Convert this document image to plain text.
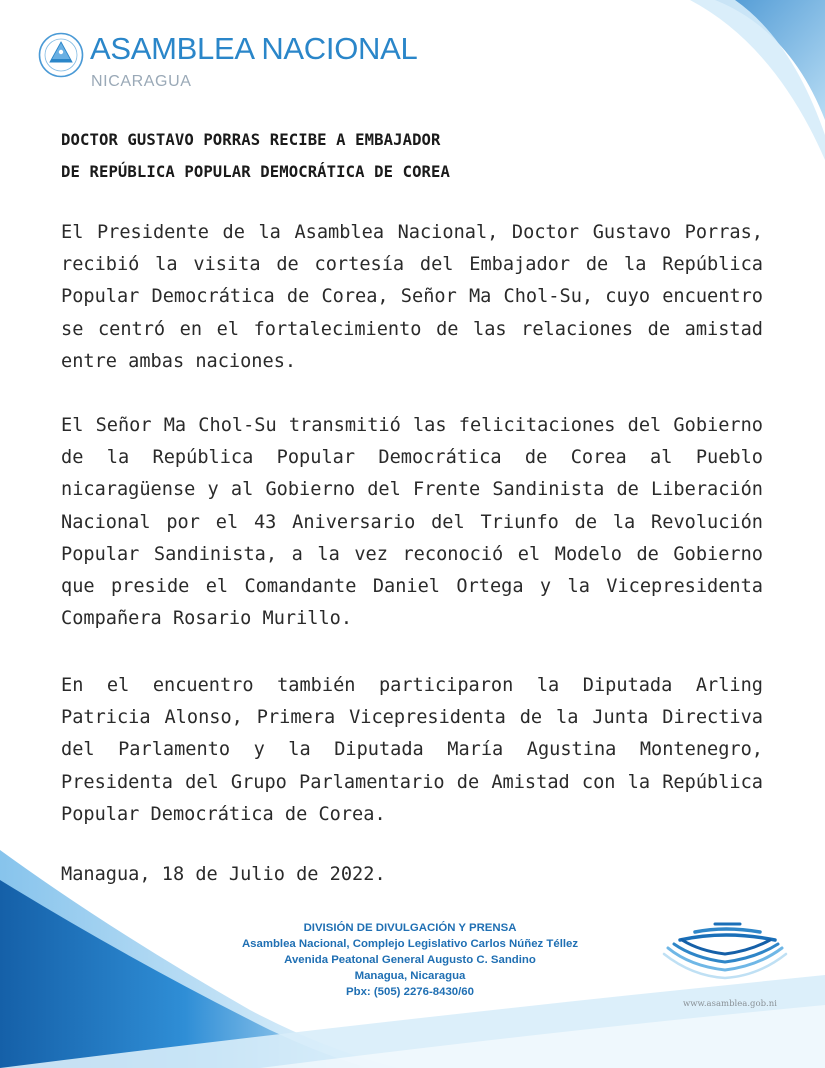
ASAMBLEA NACIONAL
NICARAGUA
DOCTOR GUSTAVO PORRAS RECIBE A EMBAJADOR
DE REPÚBLICA POPULAR DEMOCRÁTICA DE COREA
El Presidente de la Asamblea Nacional, Doctor Gustavo Porras, recibió la visita de cortesía del Embajador de la República Popular Democrática de Corea, Señor Ma Chol-Su, cuyo encuentro se centró en el fortalecimiento de las relaciones de amistad entre ambas naciones.
El Señor Ma Chol-Su transmitió las felicitaciones del Gobierno de la República Popular Democrática de Corea al Pueblo nicaragüense y al Gobierno del Frente Sandinista de Liberación Nacional por el 43 Aniversario del Triunfo de la Revolución Popular Sandinista, a la vez reconoció el Modelo de Gobierno que preside el Comandante Daniel Ortega y la Vicepresidenta Compañera Rosario Murillo.
En el encuentro también participaron la Diputada Arling Patricia Alonso, Primera Vicepresidenta de la Junta Directiva del Parlamento y la Diputada María Agustina Montenegro, Presidenta del Grupo Parlamentario de Amistad con la República Popular Democrática de Corea.
Managua, 18 de Julio de 2022.
DIVISIÓN DE DIVULGACIÓN Y PRENSA
Asamblea Nacional, Complejo Legislativo Carlos Núñez Téllez
Avenida Peatonal General Augusto C. Sandino
Managua, Nicaragua
Pbx: (505) 2276-8430/60
www.asamblea.gob.ni
